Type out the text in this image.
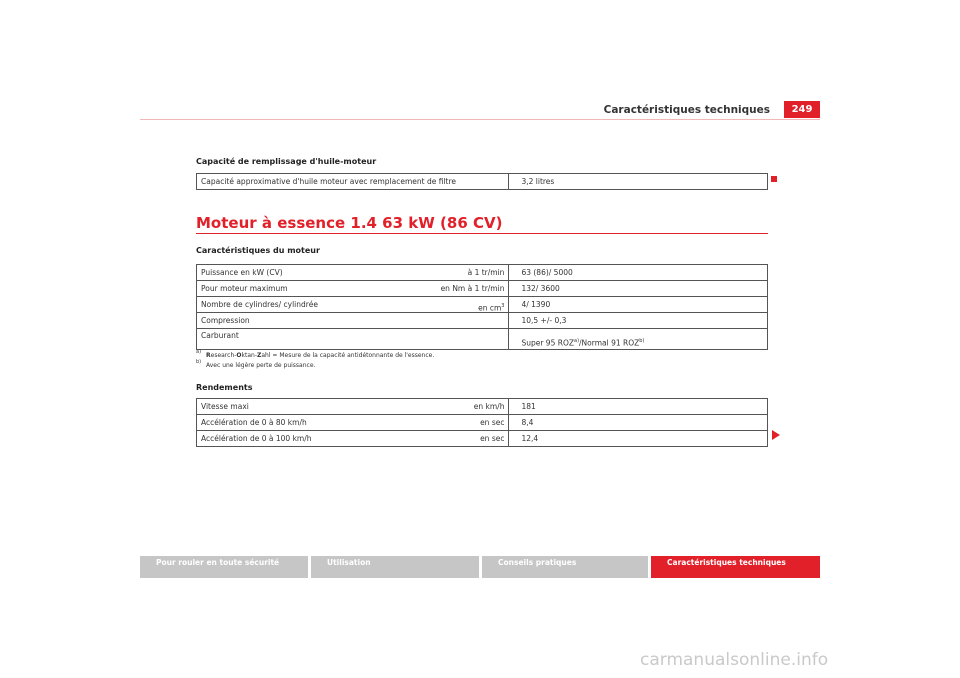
Caractéristiques techniques	249
Capacité de remplissage d'huile-moteur
Capacité approximative d'huile moteur avec remplacement de filtre	3,2 litres
Moteur à essence 1.4 63 kW (86 CV)
Caractéristiques du moteur
Puissance en kW (CV)	à 1 tr/min	63 (86)/ 5000
Pour moteur maximum	en Nm à 1 tr/min	132/ 3600
Nombre de cylindres/ cylindrée	en $cm^3$	4/ 1390
Compression		10,5 +/- 0,3
Carburant		Super 95 ROZ$^{a)}$/Normal 91 ROZ$^{b)}$
a) Research-Oktan-Zahl = Mesure de la capacité antidétonnante de l'essence.
b) Avec une légère perte de puissance.
Rendements
Vitesse maxi	en km/h	181
Accélération de 0 à 80 km/h	en sec	8,4
Accélération de 0 à 100 km/h	en sec	12,4
Pour rouler en toute sécurité	Utilisation	Conseils pratiques	Caractéristiques techniques
carmanualsonline.info
